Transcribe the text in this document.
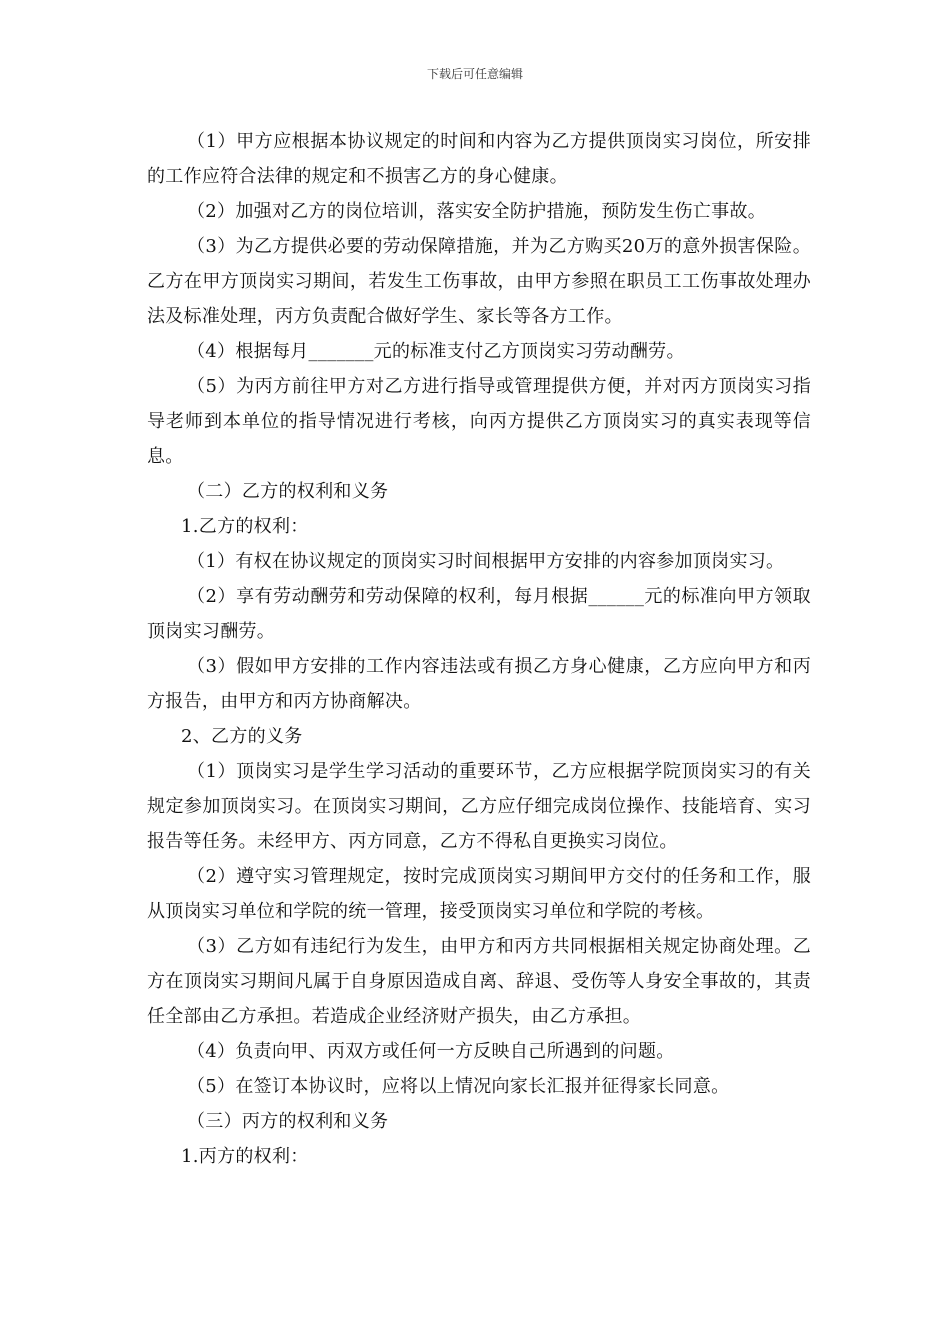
下载后可任意编辑

（1）甲方应根据本协议规定的时间和内容为乙方提供顶岗实习岗位，所安排的工作应符合法律的规定和不损害乙方的身心健康。

（2）加强对乙方的岗位培训，落实安全防护措施，预防发生伤亡事故。

（3）为乙方提供必要的劳动保障措施，并为乙方购买20万的意外损害保险。乙方在甲方顶岗实习期间，若发生工伤事故，由甲方参照在职员工工伤事故处理办法及标准处理，丙方负责配合做好学生、家长等各方工作。

（4）根据每月_______元的标准支付乙方顶岗实习劳动酬劳。

（5）为丙方前往甲方对乙方进行指导或管理提供方便，并对丙方顶岗实习指导老师到本单位的指导情况进行考核，向丙方提供乙方顶岗实习的真实表现等信息。

（二）乙方的权利和义务

1.乙方的权利：

（1）有权在协议规定的顶岗实习时间根据甲方安排的内容参加顶岗实习。

（2）享有劳动酬劳和劳动保障的权利，每月根据______元的标准向甲方领取顶岗实习酬劳。

（3）假如甲方安排的工作内容违法或有损乙方身心健康，乙方应向甲方和丙方报告，由甲方和丙方协商解决。

2、乙方的义务

（1）顶岗实习是学生学习活动的重要环节，乙方应根据学院顶岗实习的有关规定参加顶岗实习。在顶岗实习期间，乙方应仔细完成岗位操作、技能培育、实习报告等任务。未经甲方、丙方同意，乙方不得私自更换实习岗位。

（2）遵守实习管理规定，按时完成顶岗实习期间甲方交付的任务和工作，服从顶岗实习单位和学院的统一管理，接受顶岗实习单位和学院的考核。

（3）乙方如有违纪行为发生，由甲方和丙方共同根据相关规定协商处理。乙方在顶岗实习期间凡属于自身原因造成自离、辞退、受伤等人身安全事故的，其责任全部由乙方承担。若造成企业经济财产损失，由乙方承担。

（4）负责向甲、丙双方或任何一方反映自己所遇到的问题。

（5）在签订本协议时，应将以上情况向家长汇报并征得家长同意。

（三）丙方的权利和义务

1.丙方的权利：
